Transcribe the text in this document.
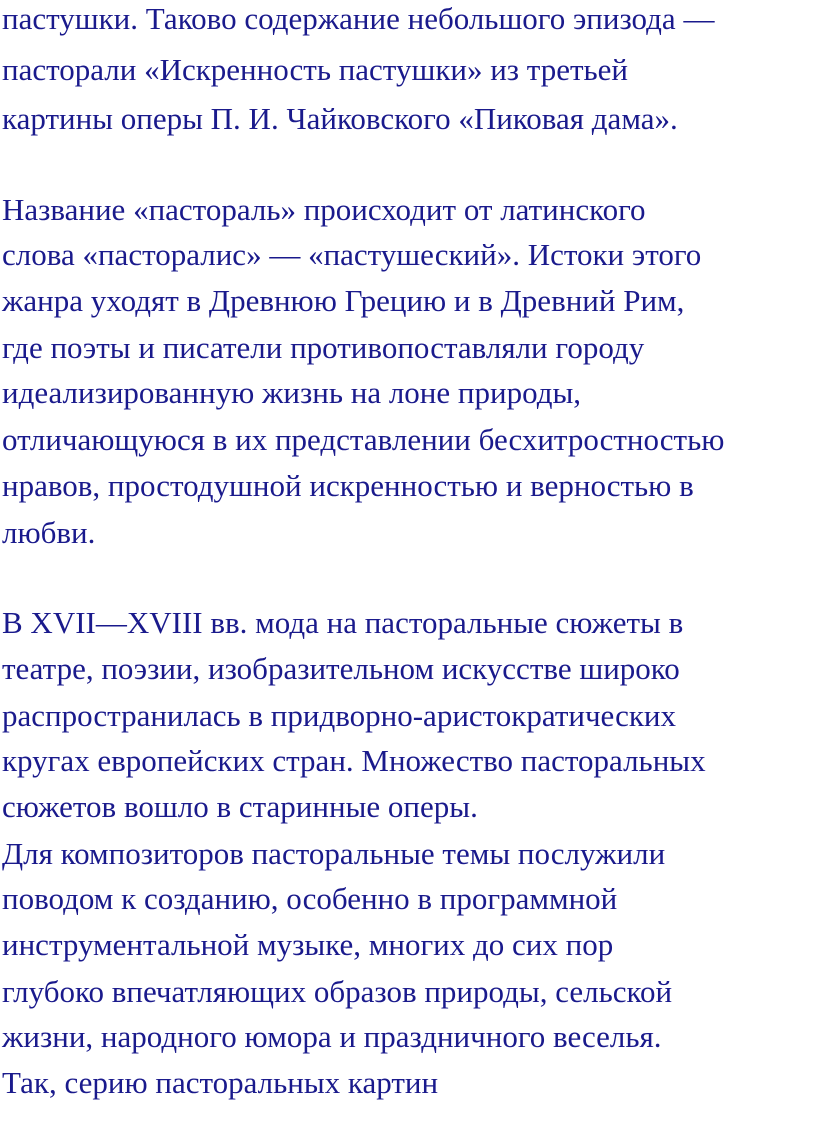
пастушки. Таково содержание небольшого эпизода —
пасторали «Искренность пастушки» из третьей
картины оперы П. И. Чайковского «Пиковая дама».
Название «пастораль» происходит от латинского
слова «пасторалис» — «пастушеский». Истоки этого
жанра уходят в Древнюю Грецию и в Древний Рим,
где поэты и писатели противопоставляли городу
идеализированную жизнь на лоне природы,
отличающуюся в их представлении бесхитростностью
нравов, простодушной искренностью и верностью в
любви.
В XVII—XVIII вв. мода на пасторальные сюжеты в
театре, поэзии, изобразительном искусстве широко
распространилась в придворно-аристократических
кругах европейских стран. Множество пасторальных
сюжетов вошло в старинные оперы.
Для композиторов пасторальные темы послужили
поводом к созданию, особенно в программной
инструментальной музыке, многих до сих пор
глубоко впечатляющих образов природы, сельской
жизни, народного юмора и праздничного веселья.
Так, серию пасторальных картин
